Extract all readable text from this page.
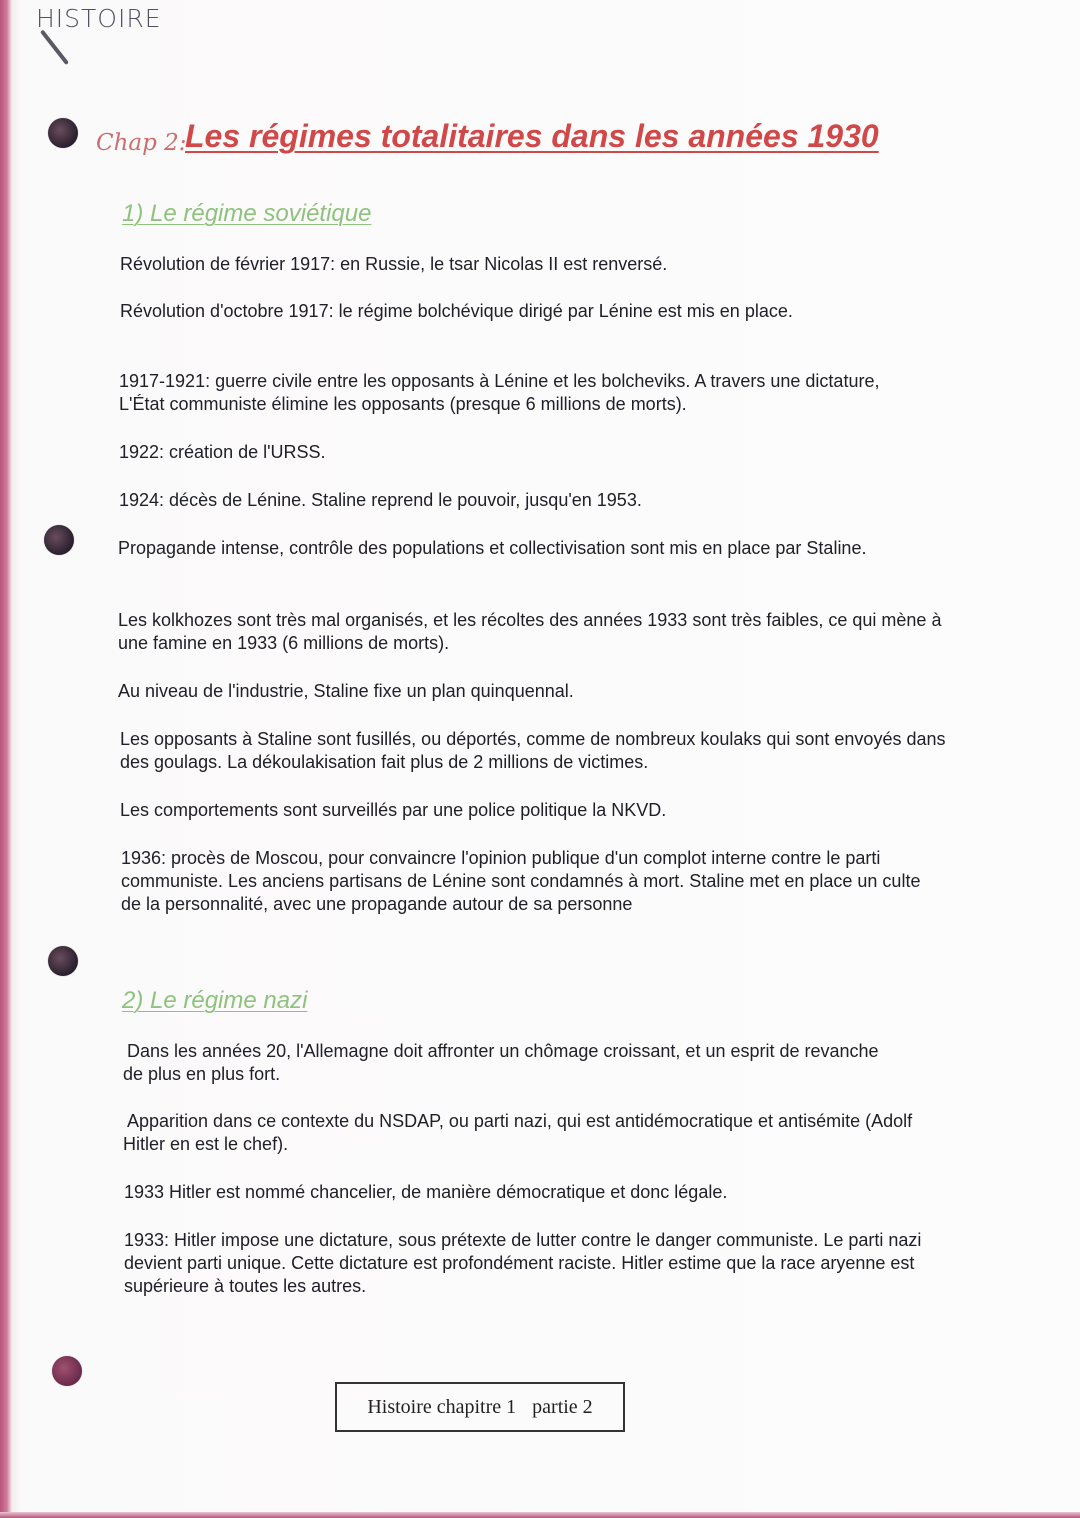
HISTOIRE
Chap 2:
Les régimes totalitaires dans les années 1930
1) Le régime soviétique

Révolution de février 1917: en Russie, le tsar Nicolas II est renversé.

Révolution d'octobre 1917: le régime bolchévique dirigé par Lénine est mis en place.

1917-1921: guerre civile entre les opposants à Lénine et les bolcheviks. A travers une dictature, L'État communiste élimine les opposants (presque 6 millions de morts).

1922: création de l'URSS.

1924: décès de Lénine. Staline reprend le pouvoir, jusqu'en 1953.

Propagande intense, contrôle des populations et collectivisation sont mis en place par Staline.

Les kolkhozes sont très mal organisés, et les récoltes des années 1933 sont très faibles, ce qui mène à une famine en 1933 (6 millions de morts).

Au niveau de l'industrie, Staline fixe un plan quinquennal.

Les opposants à Staline sont fusillés, ou déportés, comme de nombreux koulaks qui sont envoyés dans des goulags. La dékoulakisation fait plus de 2 millions de victimes.

Les comportements sont surveillés par une police politique la NKVD.

1936: procès de Moscou, pour convaincre l'opinion publique d'un complot interne contre le parti communiste. Les anciens partisans de Lénine sont condamnés à mort. Staline met en place un culte de la personnalité, avec une propagande autour de sa personne

2) Le régime nazi

Dans les années 20, l'Allemagne doit affronter un chômage croissant, et un esprit de revanche de plus en plus fort.

Apparition dans ce contexte du NSDAP, ou parti nazi, qui est antidémocratique et antisémite (Adolf Hitler en est le chef).

1933 Hitler est nommé chancelier, de manière démocratique et donc légale.

1933: Hitler impose une dictature, sous prétexte de lutter contre le danger communiste. Le parti nazi devient parti unique. Cette dictature est profondément raciste. Hitler estime que la race aryenne est supérieure à toutes les autres.

Histoire chapitre 1 partie 2
